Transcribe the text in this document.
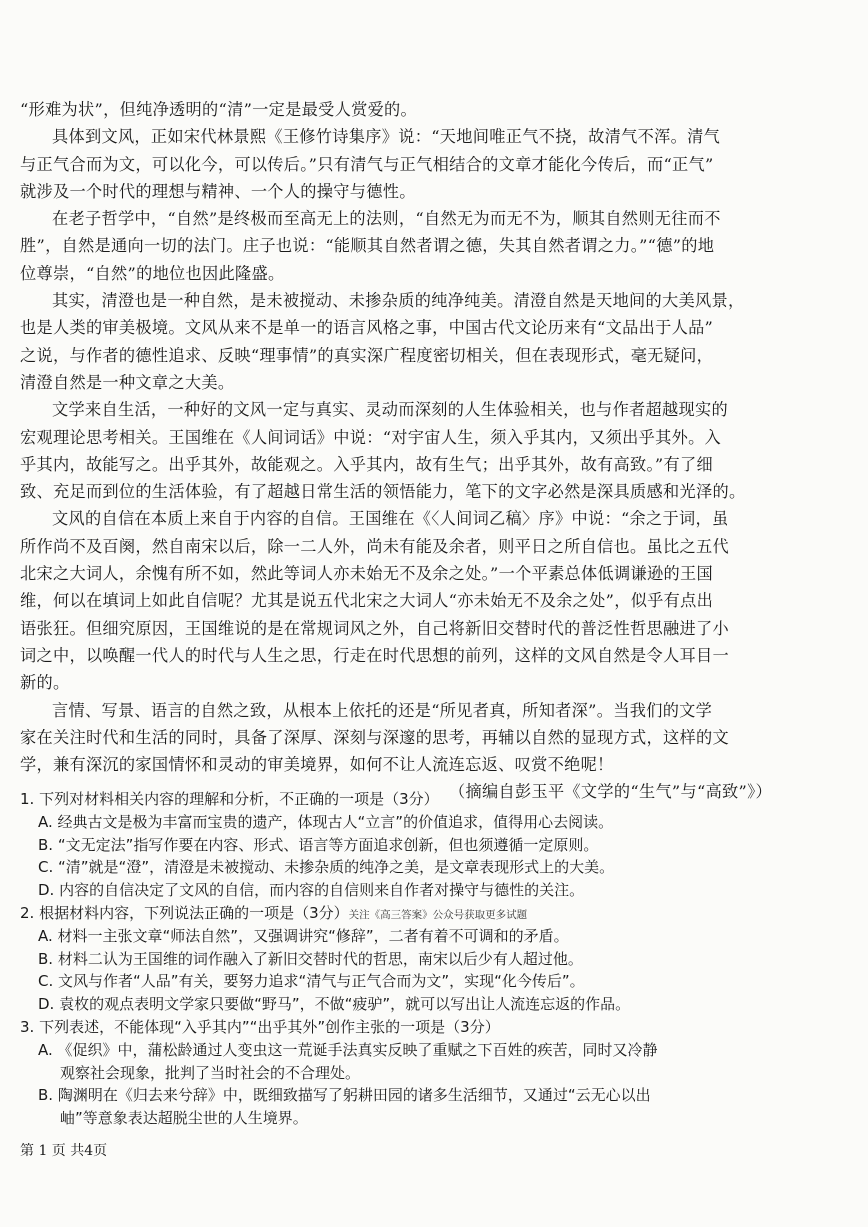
“形难为状”，但纯净透明的“清”一定是最受人赏爱的。
具体到文风，正如宋代林景熙《王修竹诗集序》说：“天地间唯正气不挠，故清气不浑。清气
与正气合而为文，可以化今，可以传后。”只有清气与正气相结合的文章才能化今传后，而“正气”
就涉及一个时代的理想与精神、一个人的操守与德性。
在老子哲学中，“自然”是终极而至高无上的法则，“自然无为而无不为，顺其自然则无往而不
胜”，自然是通向一切的法门。庄子也说：“能顺其自然者谓之德，失其自然者谓之力。”“德”的地
位尊崇，“自然”的地位也因此隆盛。
其实，清澄也是一种自然，是未被搅动、未掺杂质的纯净纯美。清澄自然是天地间的大美风景，
也是人类的审美极境。文风从来不是单一的语言风格之事，中国古代文论历来有“文品出于人品”
之说，与作者的德性追求、反映“理事情”的真实深广程度密切相关，但在表现形式，毫无疑问，
清澄自然是一种文章之大美。
文学来自生活，一种好的文风一定与真实、灵动而深刻的人生体验相关，也与作者超越现实的
宏观理论思考相关。王国维在《人间词话》中说：“对宇宙人生，须入乎其内，又须出乎其外。入
乎其内，故能写之。出乎其外，故能观之。入乎其内，故有生气；出乎其外，故有高致。”有了细
致、充足而到位的生活体验，有了超越日常生活的领悟能力，笔下的文字必然是深具质感和光泽的。
文风的自信在本质上来自于内容的自信。王国维在《〈人间词乙稿〉序》中说：“余之于词，虽
所作尚不及百阕，然自南宋以后，除一二人外，尚未有能及余者，则平日之所自信也。虽比之五代
北宋之大词人，余愧有所不如，然此等词人亦未始无不及余之处。”一个平素总体低调谦逊的王国
维，何以在填词上如此自信呢？尤其是说五代北宋之大词人“亦未始无不及余之处”，似乎有点出
语张狂。但细究原因，王国维说的是在常规词风之外，自己将新旧交替时代的普泛性哲思融进了小
词之中，以唤醒一代人的时代与人生之思，行走在时代思想的前列，这样的文风自然是令人耳目一
新的。
言情、写景、语言的自然之致，从根本上依托的还是“所见者真，所知者深”。当我们的文学
家在关注时代和生活的同时，具备了深厚、深刻与深邃的思考，再辅以自然的显现方式，这样的文
学，兼有深沉的家国情怀和灵动的审美境界，如何不让人流连忘返、叹赏不绝呢！
（摘编自彭玉平《文学的“生气”与“高致”》）
1. 下列对材料相关内容的理解和分析，不正确的一项是（3分）
A. 经典古文是极为丰富而宝贵的遗产，体现古人“立言”的价值追求，值得用心去阅读。
B. “文无定法”指写作要在内容、形式、语言等方面追求创新，但也须遵循一定原则。
C. “清”就是“澄”，清澄是未被搅动、未掺杂质的纯净之美，是文章表现形式上的大美。
D. 内容的自信决定了文风的自信，而内容的自信则来自作者对操守与德性的关注。
2. 根据材料内容，下列说法正确的一项是（3分）关注《高三答案》公众号获取更多试题
A. 材料一主张文章“师法自然”，又强调讲究“修辞”，二者有着不可调和的矛盾。
B. 材料二认为王国维的词作融入了新旧交替时代的哲思，南宋以后少有人超过他。
C. 文风与作者“人品”有关，要努力追求“清气与正气合而为文”，实现“化今传后”。
D. 袁枚的观点表明文学家只要做“野马”，不做“疲驴”，就可以写出让人流连忘返的作品。
3. 下列表述，不能体现“入乎其内”“出乎其外”创作主张的一项是（3分）
A. 《促织》中，蒲松龄通过人变虫这一荒诞手法真实反映了重赋之下百姓的疾苦，同时又冷静
观察社会现象，批判了当时社会的不合理处。
B. 陶渊明在《归去来兮辞》中，既细致描写了躬耕田园的诸多生活细节，又通过“云无心以出
岫”等意象表达超脱尘世的人生境界。
第 1 页 共4页
